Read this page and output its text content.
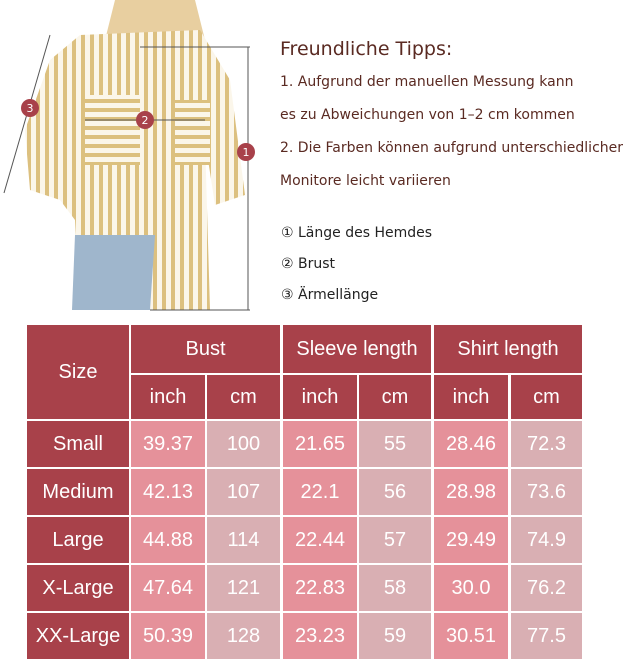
1
2
3
Freundliche Tipps:

1. Aufgrund der manuellen Messung kann

es zu Abweichungen von 1–2 cm kommen

2. Die Farben können aufgrund unterschiedlicher

Monitore leicht variieren

① Länge des Hemdes
② Brust
③ Ärmellänge
Size
Bust	Sleeve length	Shirt length
inch	cm	inch	cm	inch	cm
Small	39.37	100	21.65	55	28.46	72.3
Medium	42.13	107	22.1	56	28.98	73.6
Large	44.88	114	22.44	57	29.49	74.9
X-Large	47.64	121	22.83	58	30.0	76.2
XX-Large	50.39	128	23.23	59	30.51	77.5
